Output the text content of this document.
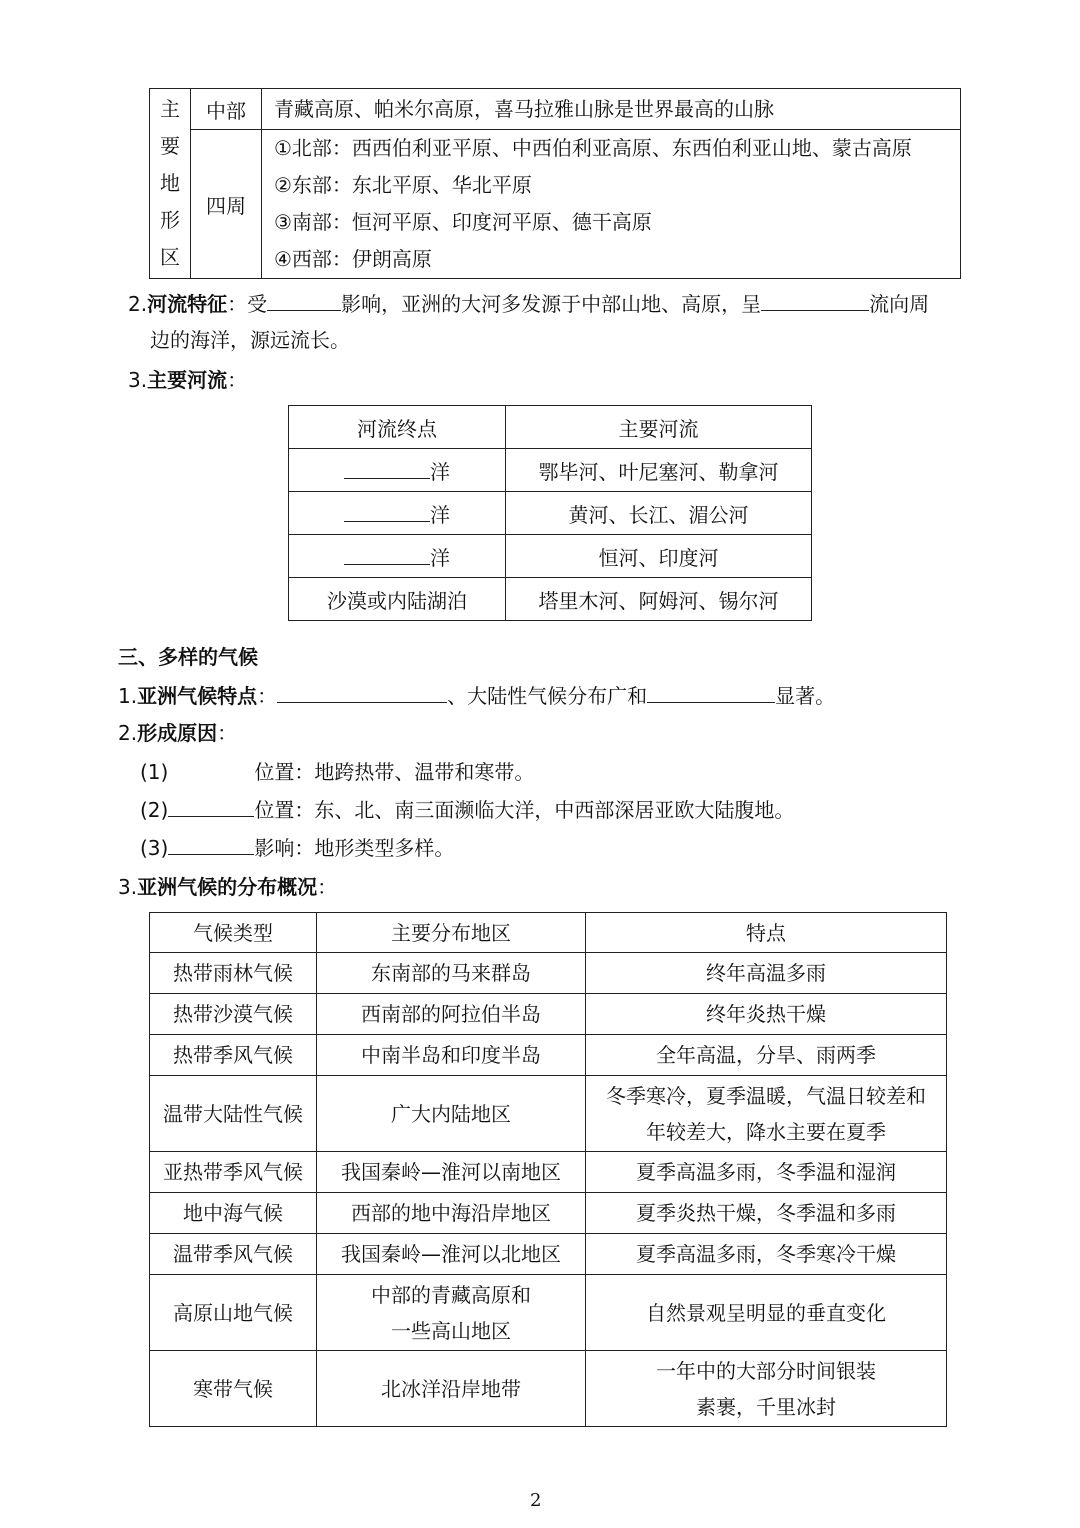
主
要
地
形
区	中部	青藏高原、帕米尔高原，喜马拉雅山脉是世界最高的山脉
	四周	①北部：西西伯利亚平原、中西伯利亚高原、东西伯利亚山地、蒙古高原
②东部：东北平原、华北平原
③南部：恒河平原、印度河平原、德干高原
④西部：伊朗高原
2.河流特征：受	影响，亚洲的大河多发源于中部山地、高原，呈	流向周
边的海洋，源远流长。
3.主要河流：
河流终点	主要河流
洋	鄂毕河、叶尼塞河、勒拿河
洋	黄河、长江、湄公河
洋	恒河、印度河
沙漠或内陆湖泊	塔里木河、阿姆河、锡尔河
三、多样的气候
1.亚洲气候特点：	、大陆性气候分布广和	显著。
2.形成原因：
(1)	位置：地跨热带、温带和寒带。
(2)	位置：东、北、南三面濒临大洋，中西部深居亚欧大陆腹地。
(3)	影响：地形类型多样。
3.亚洲气候的分布概况：
气候类型	主要分布地区	特点
热带雨林气候	东南部的马来群岛	终年高温多雨

热带沙漠气候	西南部的阿拉伯半岛	终年炎热干燥

热带季风气候	中南半岛和印度半岛	全年高温，分旱、雨两季

温带大陆性气候	广大内陆地区	冬季寒冷，夏季温暖，气温日较差和
年较差大，降水主要在夏季

亚热带季风气候	我国秦岭—淮河以南地区	夏季高温多雨，冬季温和湿润

地中海气候	西部的地中海沿岸地区	夏季炎热干燥，冬季温和多雨

温带季风气候	我国秦岭—淮河以北地区	夏季高温多雨，冬季寒冷干燥

高原山地气候	中部的青藏高原和
一些高山地区	自然景观呈明显的垂直变化

寒带气候	北冰洋沿岸地带	一年中的大部分时间银装
素裹，千里冰封
2
